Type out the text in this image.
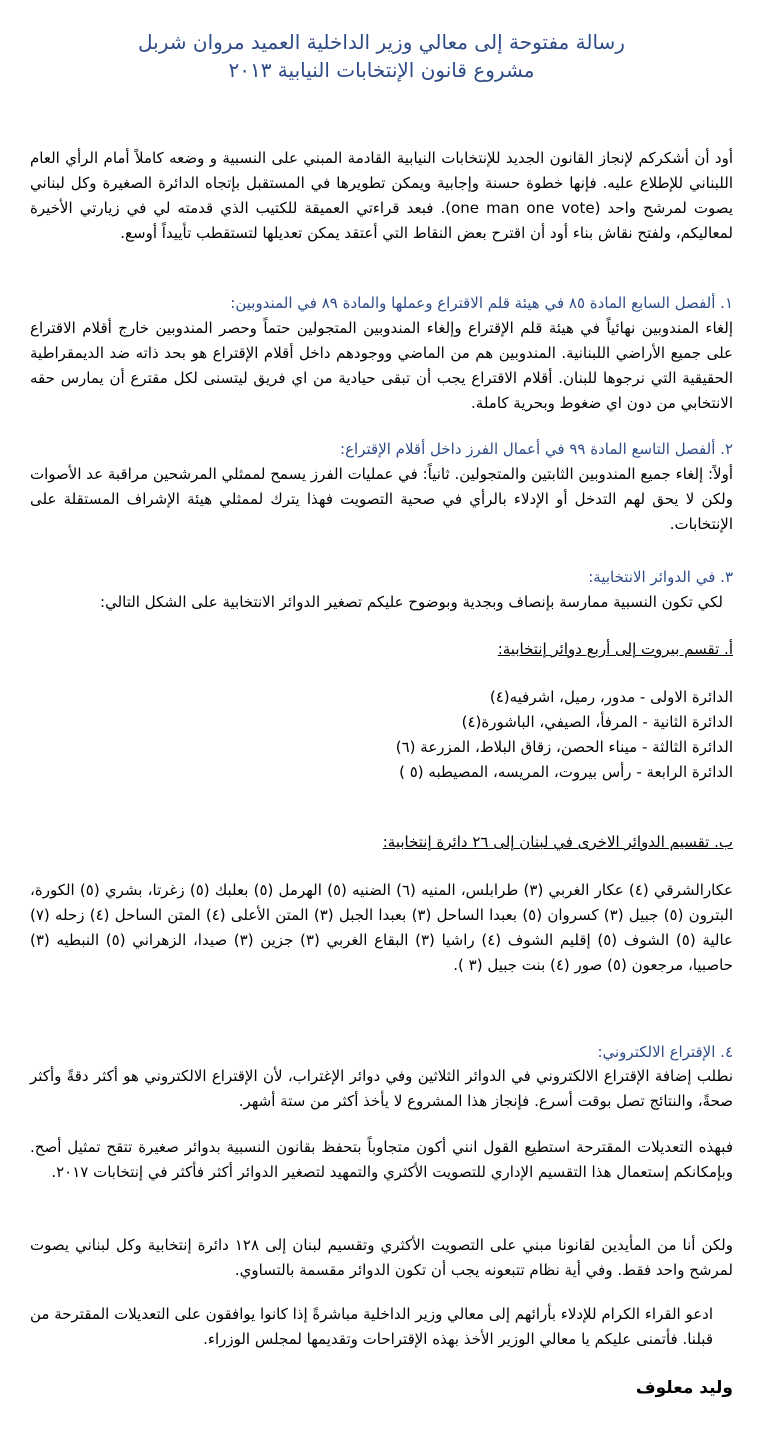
رسالة مفتوحة إلى معالي وزير الداخلية العميد مروان شربل

مشروع قانون الإنتخابات النيابية ٢٠١٣

أود أن أشكركم لإنجاز القانون الجديد للإنتخابات النيابية القادمة المبني على النسبية و وضعه كاملاً أمام الرأي العام اللبناني للإطلاع عليه. فإنها خطوة حسنة وإجابية ويمكن تطويرها في المستقبل بإتجاه الدائرة الصغيرة وكل لبناني يصوت لمرشح واحد (one man one vote). فبعد قراءتي العميقة للكتيب الذي قدمته لي في زيارتي الأخيرة لمعاليكم، ولفتح نقاش بناء أود أن اقترح بعض النقاط التي أعتقد يمكن تعديلها لتستقطب تأييداً أوسع.

١. ألفصل السابع المادة ٨٥ في هيئة قلم الاقتراع وعملها والمادة ٨٩ في المندوبين:

إلغاء المندوبين نهائياً في هيئة قلم الإقتراع وإلغاء المندوبين المتجولين حتماً وحصر المندوبين خارج أقلام الاقتراع على جميع الأراضي اللبنانية. المندوبين هم من الماضي ووجودهم داخل أقلام الإقتراع هو بحد ذاته ضد الديمقراطية الحقيقية التي نرجوها للبنان. أقلام الاقتراع يجب أن تبقى حيادية من اي فريق ليتسنى لكل مقترع أن يمارس حقه الانتخابي من دون اي ضغوط وبحرية كاملة.

٢. ألفصل التاسع المادة ٩٩ في أعمال الفرز داخل أقلام الإقتراع:

أولاً: إلغاء جميع المندوبين الثابتين والمتجولين. ثانياً: في عمليات الفرز يسمح لممثلي المرشحين مراقبة عد الأصوات ولكن لا يحق لهم التدخل أو الإدلاء بالرأي في صحية التصويت فهذا يترك لممثلي هيئة الإشراف المستقلة على الإنتخابات.

٣. في الدوائر الانتخابية:

لكي تكون النسبية ممارسة بإنصاف وبجدية وبوضوح عليكم تصغير الدوائر الانتخابية على الشكل التالي:

أ. تقسم بيروت إلى أربع دوائر إنتخابية:

الدائرة الاولى - مدور، رميل، اشرفيه(٤)

الدائرة الثانية - المرفأ، الصيفي، الباشورة(٤)

الدائرة الثالثة - ميناء الحصن، زقاق البلاط، المزرعة (٦)

الدائرة الرابعة - رأس بيروت، المريسه، المصيطبه (٥ )

ب. تقسيم الدوائر الاخرى في لبنان إلى ٢٦ دائرة إنتخابية:

عكارالشرقي (٤) عكار الغربي (٣) طرابلس، المنيه (٦) الضنيه (٥) الهرمل (٥) بعلبك (٥) زغرتا، بشري (٥) الكورة، البترون (٥) جبيل (٣) كسروان (٥) بعبدا الساحل (٣) بعبدا الجبل (٣) المتن الأعلى (٤) المتن الساحل (٤) زحله (٧) عالية (٥) الشوف (٥) إقليم الشوف (٤) راشيا (٣) البقاع الغربي (٣) جزين (٣) صيدا، الزهراني (٥) النبطيه (٣) حاصبيا، مرجعون (٥) صور (٤) بنت جبيل (٣ ).

٤. الإقتراع الالكتروني:

نطلب إضافة الإقتراع الالكتروني في الدوائر الثلاثين وفي دوائر الإغتراب، لأن الإقتراع الالكتروني هو أكثر دقةً وأكثر صحةً، والنتائج تصل بوقت أسرع. فإنجاز هذا المشروع لا يأخذ أكثر من ستة أشهر.

فبهذه التعديلات المقترحة استطيع القول انني أكون متجاوباً بتحفظ بقانون النسبية بدوائر صغيرة تتقح تمثيل أصح. وبإمكانكم إستعمال هذا التقسيم الإداري للتصويت الأكثري والتمهيد لتصغير الدوائر أكثر فأكثر في إنتخابات ٢٠١٧.

ولكن أنا من المأيدين لقانونا مبني على التصويت الأكثري وتقسيم لبنان إلى ١٢٨ دائرة إنتخابية وكل لبناني يصوت لمرشح واحد فقط. وفي أية نظام تتبعونه يجب أن تكون الدوائر مقسمة بالتساوي.

ادعو القراء الكرام للإدلاء بأرائهم إلى معالي وزير الداخلية مباشرةً إذا كانوا يوافقون على التعديلات المقترحة من قبلنا. فأتمنى عليكم يا معالي الوزير الأخذ بهذه الإقتراحات وتقديمها لمجلس الوزراء.

وليد معلوف
